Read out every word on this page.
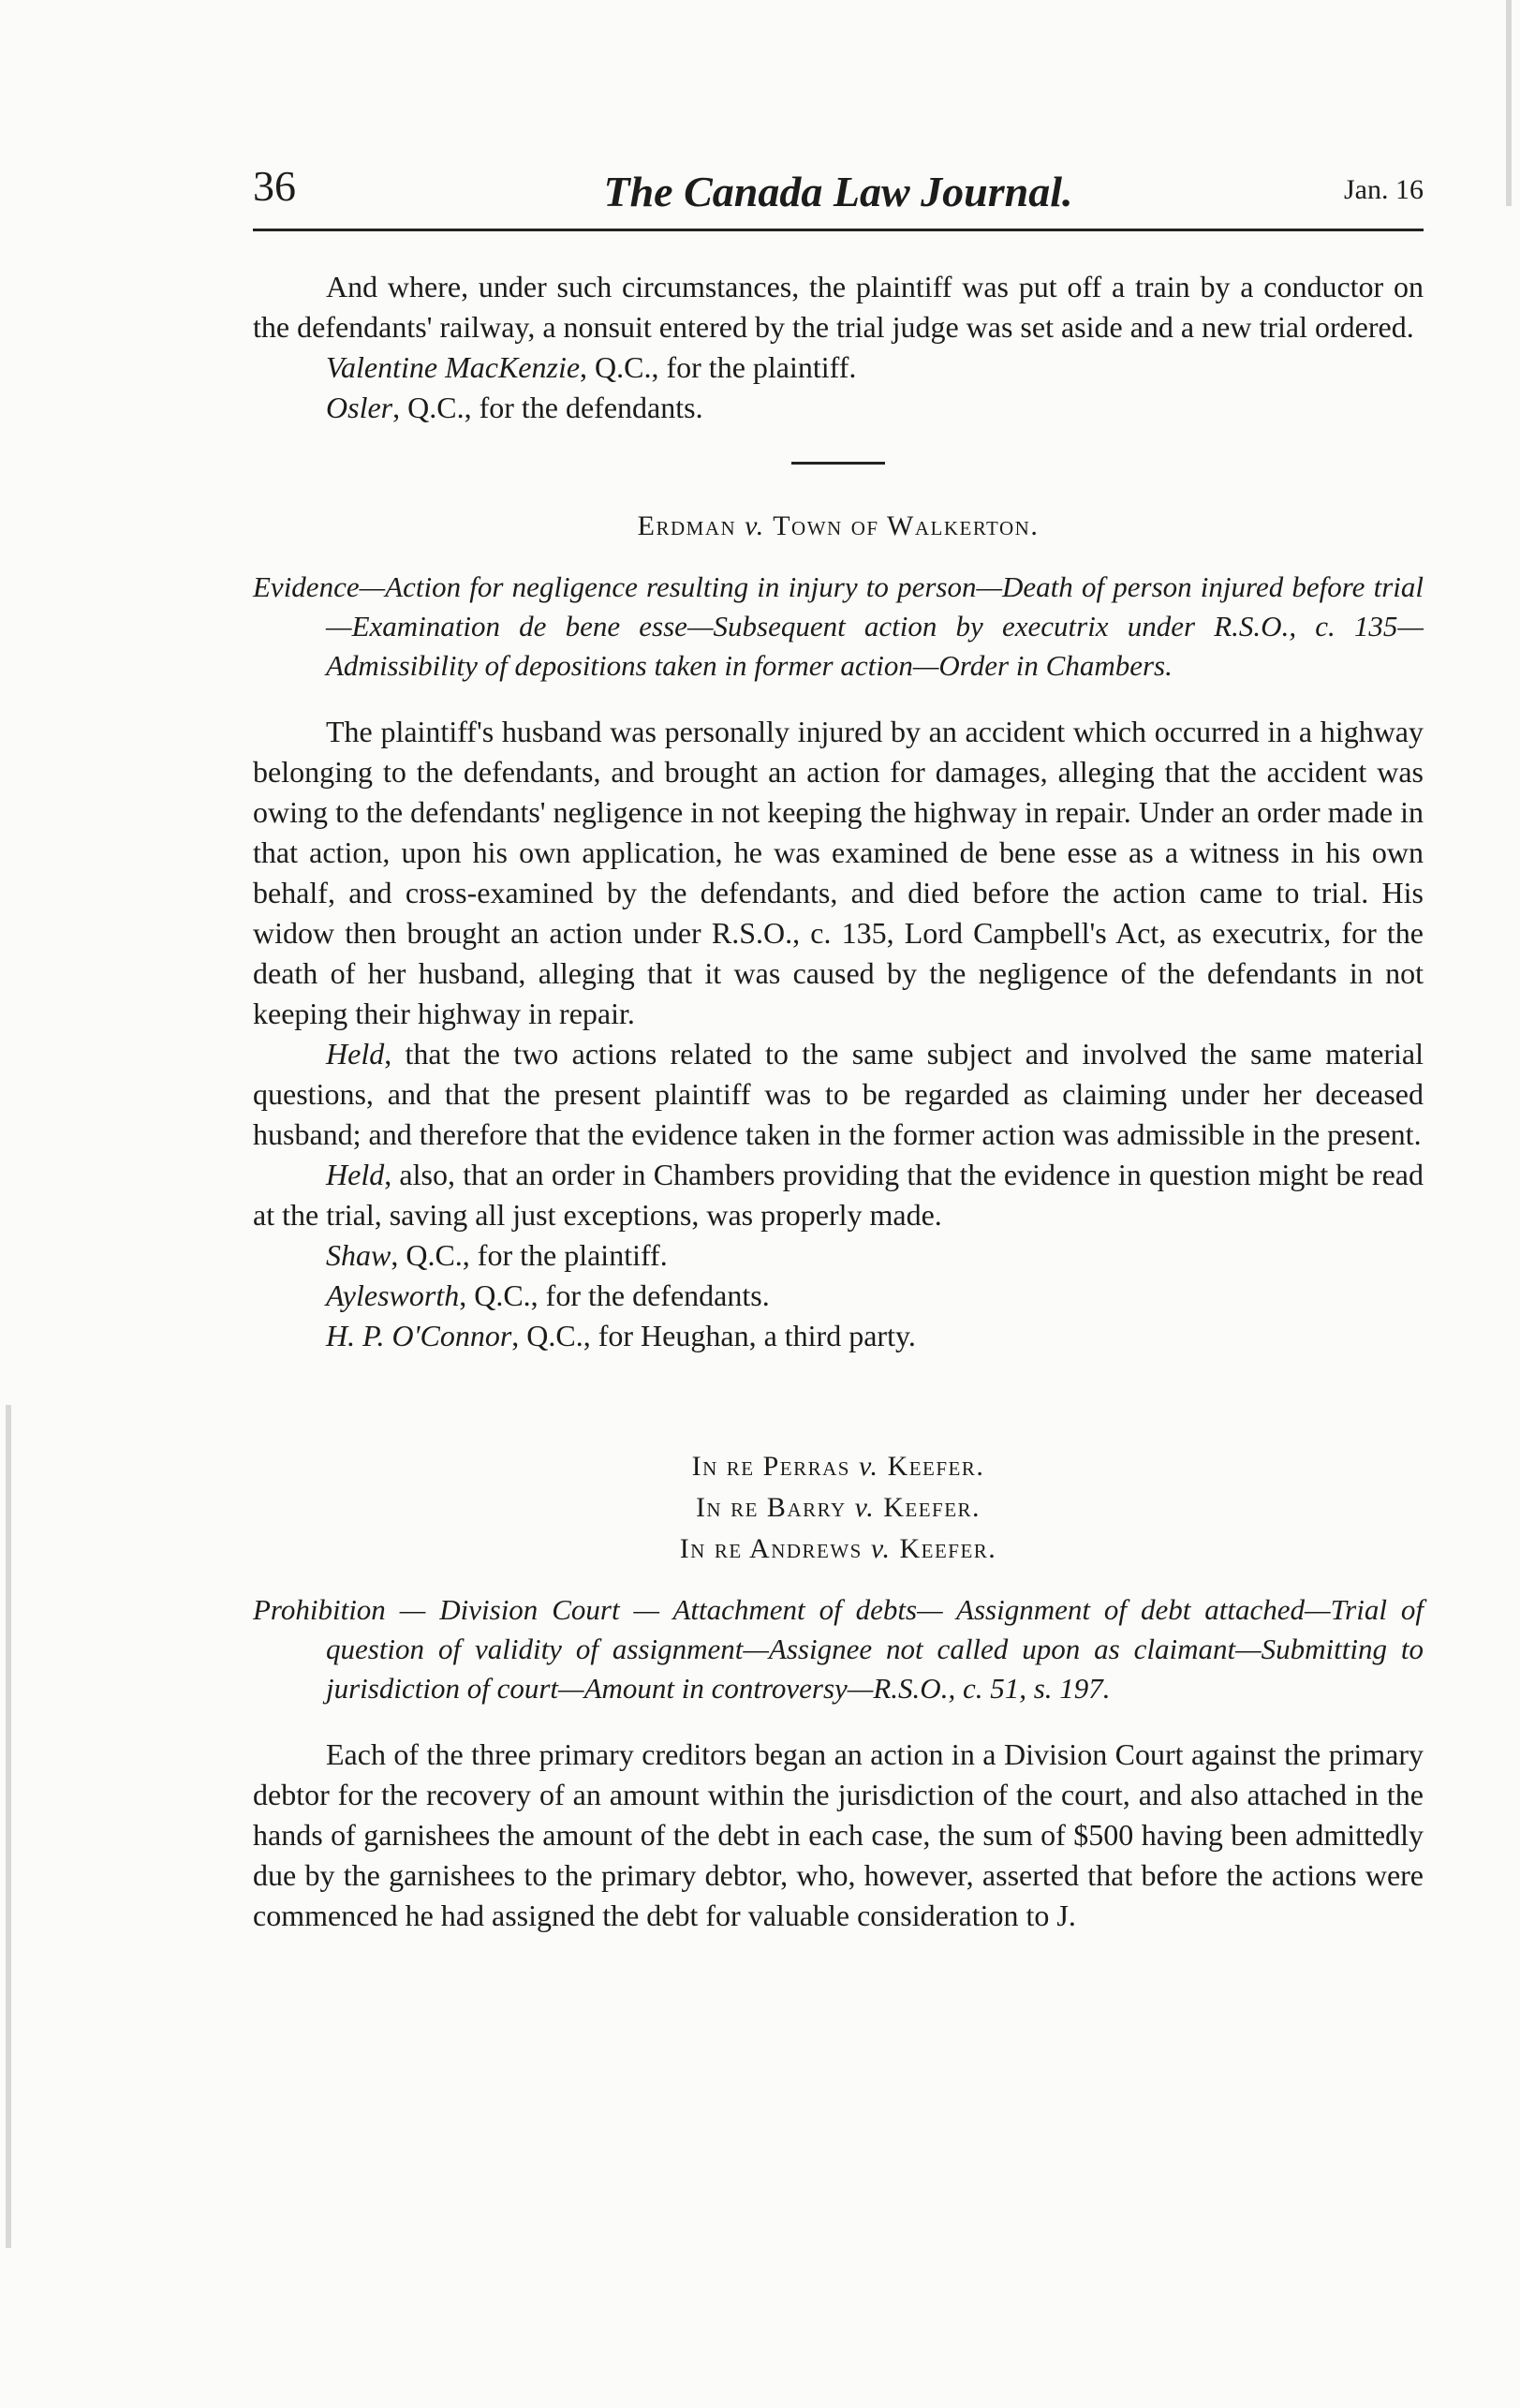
36	The Canada Law Journal.	Jan. 16

And where, under such circumstances, the plaintiff was put off a train by a conductor on the defendants' railway, a nonsuit entered by the trial judge was set aside and a new trial ordered.

Valentine MacKenzie, Q.C., for the plaintiff.

Osler, Q.C., for the defendants.

Erdman v. Town of Walkerton.

Evidence—Action for negligence resulting in injury to person—Death of person injured before trial—Examination de bene esse—Subsequent action by executrix under R.S.O., c. 135—Admissibility of depositions taken in former action—Order in Chambers.

The plaintiff's husband was personally injured by an accident which occurred in a highway belonging to the defendants, and brought an action for damages, alleging that the accident was owing to the defendants' negligence in not keeping the highway in repair. Under an order made in that action, upon his own application, he was examined de bene esse as a witness in his own behalf, and cross-examined by the defendants, and died before the action came to trial. His widow then brought an action under R.S.O., c. 135, Lord Campbell's Act, as executrix, for the death of her husband, alleging that it was caused by the negligence of the defendants in not keeping their highway in repair.

Held, that the two actions related to the same subject and involved the same material questions, and that the present plaintiff was to be regarded as claiming under her deceased husband; and therefore that the evidence taken in the former action was admissible in the present.

Held, also, that an order in Chambers providing that the evidence in question might be read at the trial, saving all just exceptions, was properly made.

Shaw, Q.C., for the plaintiff.

Aylesworth, Q.C., for the defendants.

H. P. O'Connor, Q.C., for Heughan, a third party.

In re Perras v. Keefer.

In re Barry v. Keefer.

In re Andrews v. Keefer.

Prohibition — Division Court — Attachment of debts— Assignment of debt attached—Trial of question of validity of assignment—Assignee not called upon as claimant—Submitting to jurisdiction of court—Amount in controversy—R.S.O., c. 51, s. 197.

Each of the three primary creditors began an action in a Division Court against the primary debtor for the recovery of an amount within the jurisdiction of the court, and also attached in the hands of garnishees the amount of the debt in each case, the sum of $500 having been admittedly due by the garnishees to the primary debtor, who, however, asserted that before the actions were commenced he had assigned the debt for valuable consideration to J.
